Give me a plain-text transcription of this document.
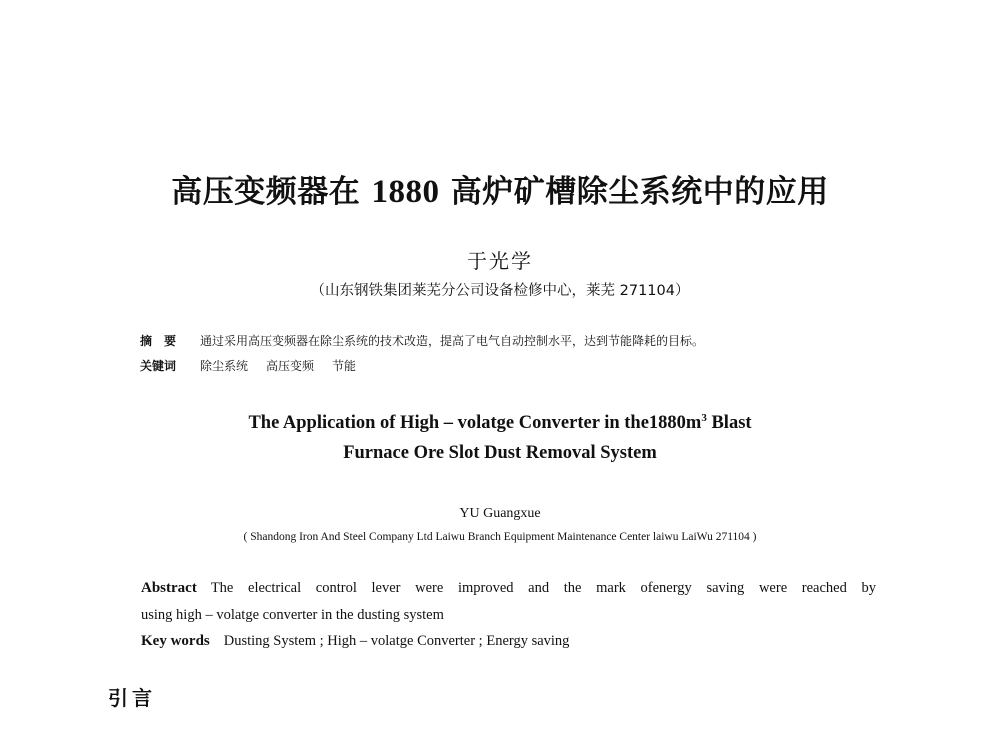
高压变频器在 1880 高炉矿槽除尘系统中的应用
于光学
（山东钢铁集团莱芜分公司设备检修中心，莱芜 271104）
摘　要 通过采用高压变频器在除尘系统的技术改造，提高了电气自动控制水平，达到节能降耗的目标。
关键词 除尘系统 高压变频 节能
The Application of High – volatge Converter in $the1880m^3$ Blast
Furnace Ore Slot Dust Removal System
YU Guangxue
( Shandong Iron And Steel Company Ltd Laiwu Branch Equipment Maintenance Center laiwu LaiWu 271104 )
Abstract The electrical control lever were improved and the mark ofenergy saving were reached by
using high – volatge converter in the dusting system
Key words Dusting System ; High – volatge Converter ; Energy saving
引言
